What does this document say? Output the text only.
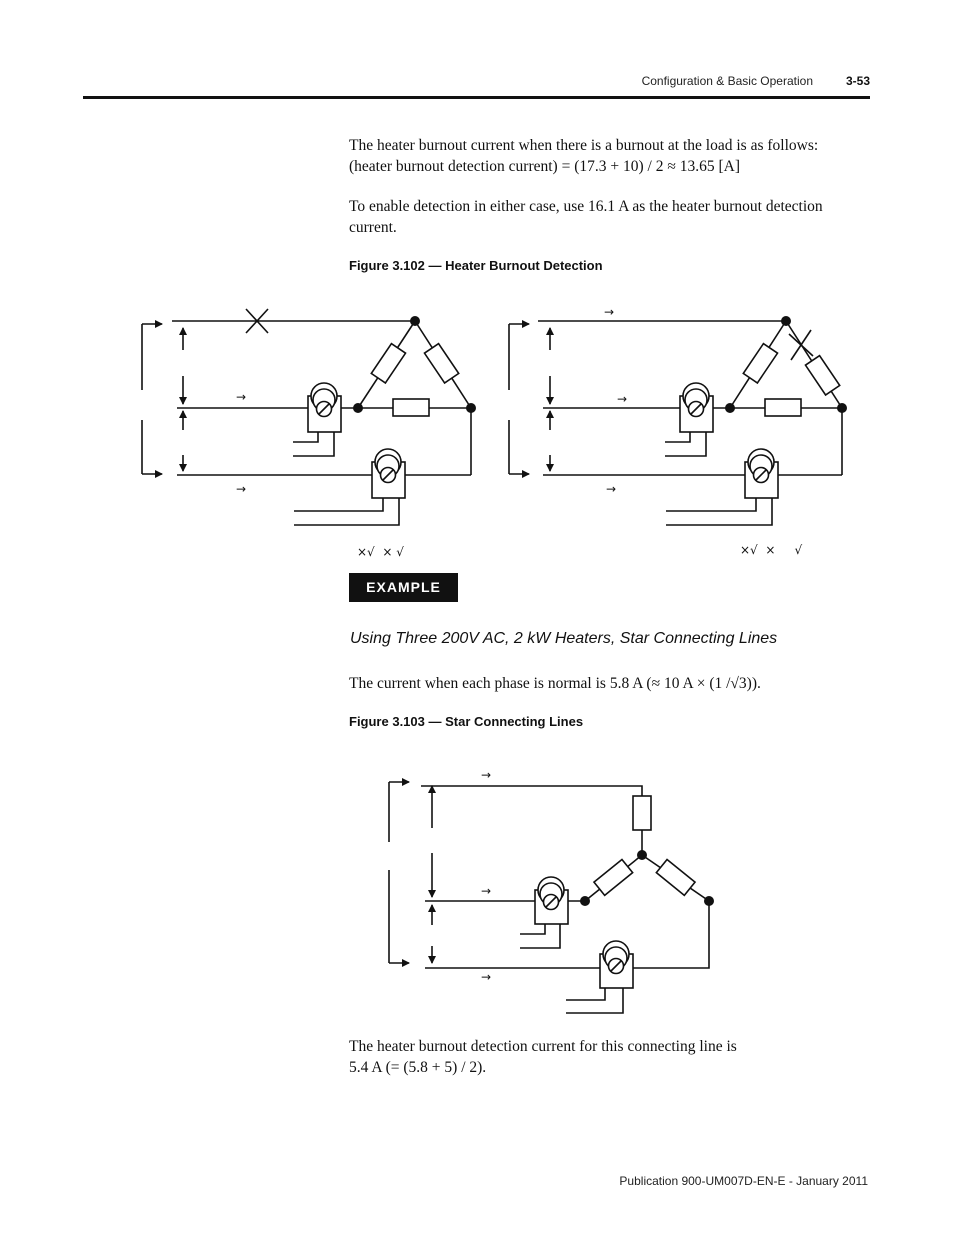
Configuration & Basic Operation	3-53

The heater burnout current when there is a burnout at the load is as follows:
(heater burnout detection current) = (17.3 + 10) / 2 ≈ 13.65 [A]

To enable detection in either case, use 16.1 A as the heater burnout detection
current.

Figure 3.102 — Heater Burnout Detection

→
→
→
→
→
×√  × √	×√  ×     √
EXAMPLE

Using Three 200V AC, 2 kW Heaters, Star Connecting Lines

The current when each phase is normal is 5.8 A (≈ 10 A × (1 /√3)).

Figure 3.103 — Star Connecting Lines

→
→
→

The heater burnout detection current for this connecting line is
5.4 A (= (5.8 + 5) / 2).

Publication 900-UM007D-EN-E - January 2011
